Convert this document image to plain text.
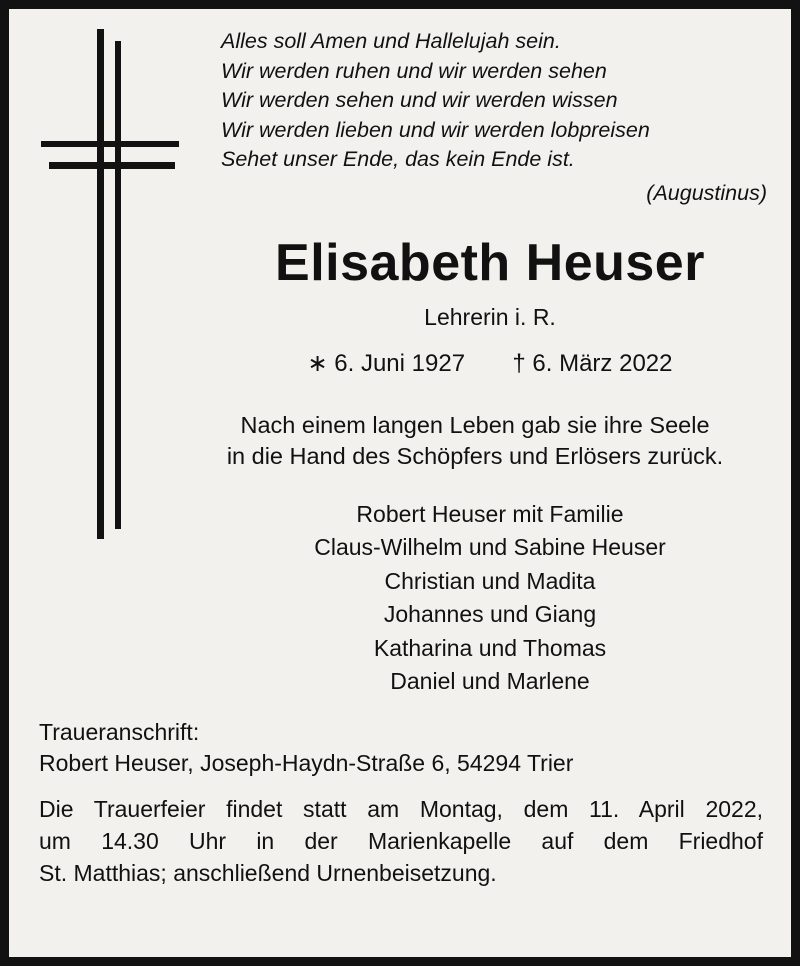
Alles soll Amen und Hallelujah sein.
Wir werden ruhen und wir werden sehen
Wir werden sehen und wir werden wissen
Wir werden lieben und wir werden lobpreisen
Sehet unser Ende, das kein Ende ist.
(Augustinus)
Elisabeth Heuser
Lehrerin i. R.
∗ 6. Juni 1927 † 6. März 2022
Nach einem langen Leben gab sie ihre Seele
in die Hand des Schöpfers und Erlösers zurück.
Robert Heuser mit Familie
Claus-Wilhelm und Sabine Heuser
Christian und Madita
Johannes und Giang
Katharina und Thomas
Daniel und Marlene
Traueranschrift:
Robert Heuser, Joseph-Haydn-Straße 6, 54294 Trier
Die Trauerfeier findet statt am Montag, dem 11. April 2022,
um 14.30 Uhr in der Marienkapelle auf dem Friedhof
St. Matthias; anschließend Urnenbeisetzung.
